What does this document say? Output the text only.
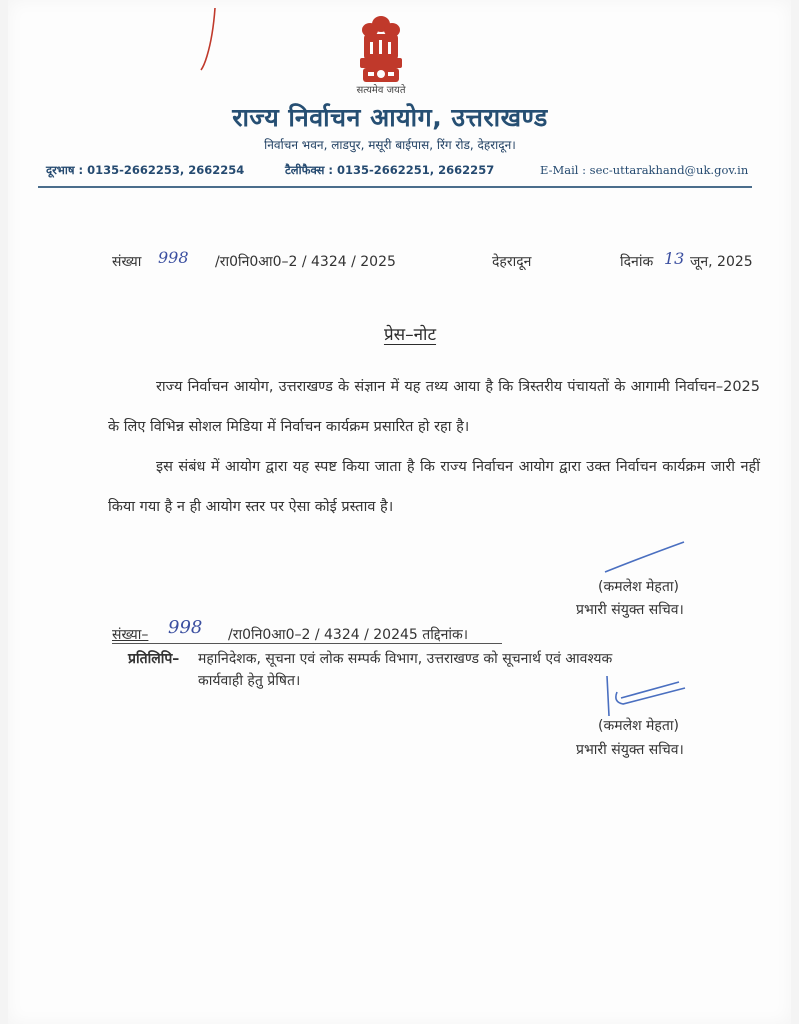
सत्यमेव जयते
राज्य निर्वाचन आयोग, उत्तराखण्ड
निर्वाचन भवन, लाडपुर, मसूरी बाईपास, रिंग रोड, देहरादून।
दूरभाष : 0135-2662253, 2662254	टैलीफैक्स : 0135-2662251, 2662257	E-Mail : sec-uttarakhand@uk.gov.in
संख्या 998 /रा0नि0आ0–2 / 4324 / 2025	देहरादून	दिनांक 13 जून, 2025
प्रेस–नोट
राज्य निर्वाचन आयोग, उत्तराखण्ड के संज्ञान में यह तथ्य आया है कि त्रिस्तरीय पंचायतों के आगामी निर्वाचन–2025 के लिए विभिन्न सोशल मिडिया में निर्वाचन कार्यक्रम प्रसारित हो रहा है।
इस संबंध में आयोग द्वारा यह स्पष्ट किया जाता है कि राज्य निर्वाचन आयोग द्वारा उक्त निर्वाचन कार्यक्रम जारी नहीं किया गया है न ही आयोग स्तर पर ऐसा कोई प्रस्ताव है।
(कमलेश मेहता)
प्रभारी संयुक्त सचिव।
संख्या– 998 /रा0नि0आ0–2 / 4324 / 20245 तद्दिनांक।
प्रतिलिपि– महानिदेशक, सूचना एवं लोक सम्पर्क विभाग, उत्तराखण्ड को सूचनार्थ एवं आवश्यक
कार्यवाही हेतु प्रेषित।
(कमलेश मेहता)
प्रभारी संयुक्त सचिव।
